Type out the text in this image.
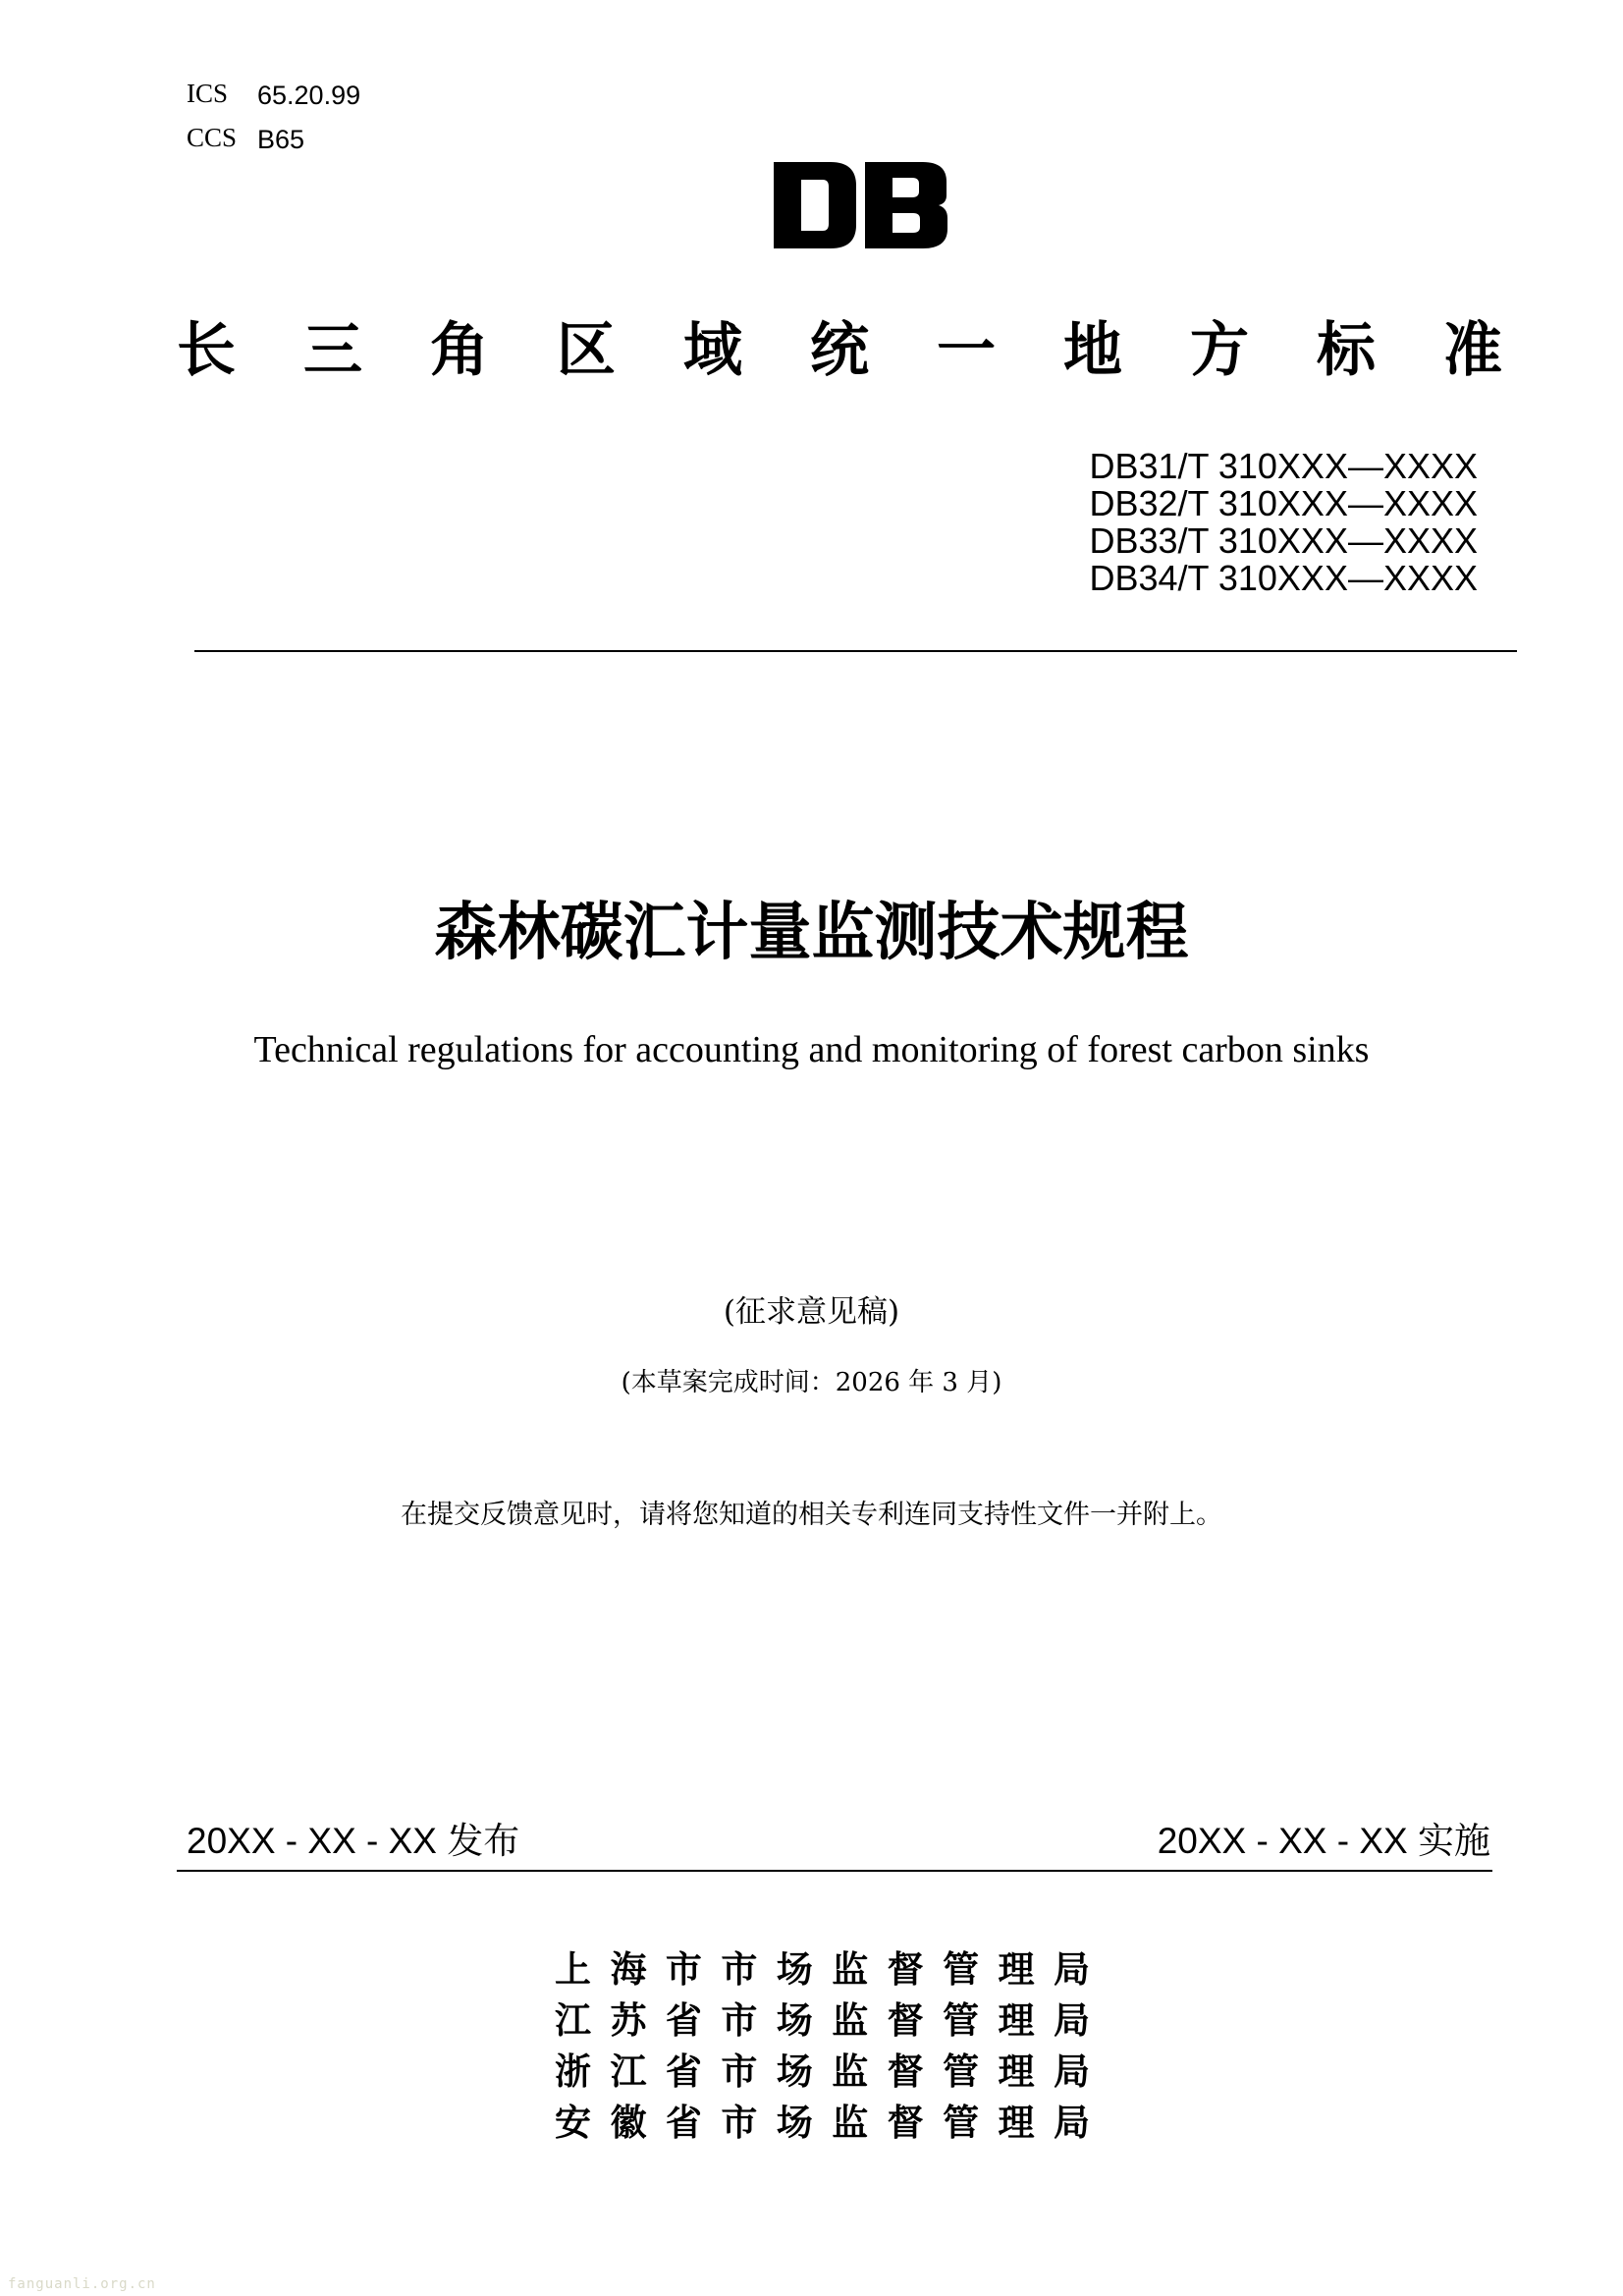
ICS 65.20.99
CCS B65
长 三 角 区 域 统 一 地 方 标 准
DB31/T 310XXX—XXXX
DB32/T 310XXX—XXXX
DB33/T 310XXX—XXXX
DB34/T 310XXX—XXXX
森林碳汇计量监测技术规程
Technical regulations for accounting and monitoring of forest carbon sinks
(征求意见稿)
(本草案完成时间：2026 年 3 月)
在提交反馈意见时，请将您知道的相关专利连同支持性文件一并附上。
20XX - XX - XX 发布	20XX - XX - XX 实施
上 海 市 市 场 监 督 管 理 局
江 苏 省 市 场 监 督 管 理 局
浙 江 省 市 场 监 督 管 理 局
安 徽 省 市 场 监 督 管 理 局
fanguanli.org.cn
